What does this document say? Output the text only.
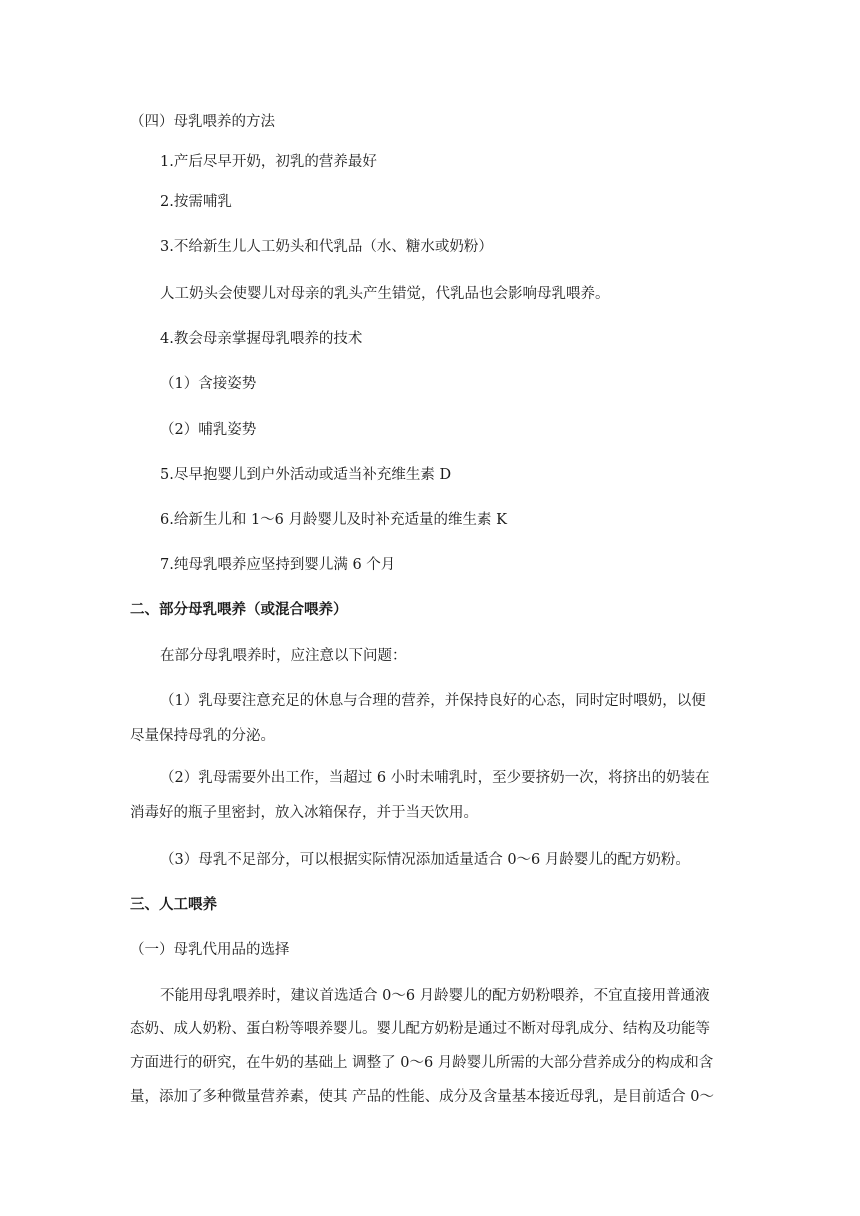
（四）母乳喂养的方法
1.产后尽早开奶，初乳的营养最好
2.按需哺乳
3.不给新生儿人工奶头和代乳品（水、糖水或奶粉）
人工奶头会使婴儿对母亲的乳头产生错觉，代乳品也会影响母乳喂养。
4.教会母亲掌握母乳喂养的技术
（1）含接姿势
（2）哺乳姿势
5.尽早抱婴儿到户外活动或适当补充维生素 D
6.给新生儿和 1～6 月龄婴儿及时补充适量的维生素 K
7.纯母乳喂养应坚持到婴儿满 6 个月
二、部分母乳喂养（或混合喂养）
在部分母乳喂养时，应注意以下问题：
（1）乳母要注意充足的休息与合理的营养，并保持良好的心态，同时定时喂奶，以便
尽量保持母乳的分泌。
（2）乳母需要外出工作，当超过 6 小时未哺乳时，至少要挤奶一次，将挤出的奶装在
消毒好的瓶子里密封，放入冰箱保存，并于当天饮用。
（3）母乳不足部分，可以根据实际情况添加适量适合 0～6 月龄婴儿的配方奶粉。
三、人工喂养
（一）母乳代用品的选择
不能用母乳喂养时，建议首选适合 0～6 月龄婴儿的配方奶粉喂养，不宜直接用普通液
态奶、成人奶粉、蛋白粉等喂养婴儿。婴儿配方奶粉是通过不断对母乳成分、结构及功能等
方面进行的研究，在牛奶的基础上 调整了 0～6 月龄婴儿所需的大部分营养成分的构成和含
量，添加了多种微量营养素，使其 产品的性能、成分及含量基本接近母乳，是目前适合 0～
